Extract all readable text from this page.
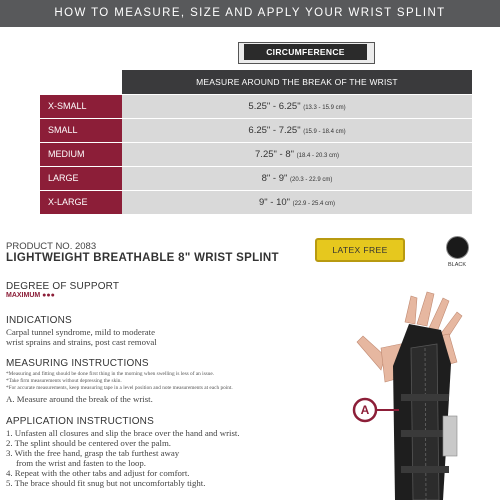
HOW TO MEASURE, SIZE AND APPLY YOUR WRIST SPLINT
CIRCUMFERENCE
MEASURE AROUND THE BREAK OF THE WRIST
X-SMALL	5.25" - 6.25" (13.3 - 15.9 cm)
SMALL	6.25" - 7.25" (15.9 - 18.4 cm)
MEDIUM	7.25" - 8" (18.4 - 20.3 cm)
LARGE	8" - 9" (20.3 - 22.9 cm)
X-LARGE	9" - 10" (22.9 - 25.4 cm)
PRODUCT NO. 2083
LIGHTWEIGHT BREATHABLE 8" WRIST SPLINT
LATEX FREE
BLACK
DEGREE OF SUPPORT
MAXIMUM ●●●
INDICATIONS
Carpal tunnel syndrome, mild to moderate
wrist sprains and strains, post cast removal
MEASURING INSTRUCTIONS
*Measuring and fitting should be done first thing in the morning when swelling is less of an issue.
*Take firm measurements without depressing the skin.
*For accurate measurements, keep measuring tape in a level position and note measurements at each point.
A. Measure around the break of the wrist.
APPLICATION INSTRUCTIONS
1. Unfasten all closures and slip the brace over the hand and wrist.
2. The splint should be centered over the palm.
3. With the free hand, grasp the tab furthest away
from the wrist and fasten to the loop.
4. Repeat with the other tabs and adjust for comfort.
5. The brace should fit snug but not uncomfortably tight.
A
